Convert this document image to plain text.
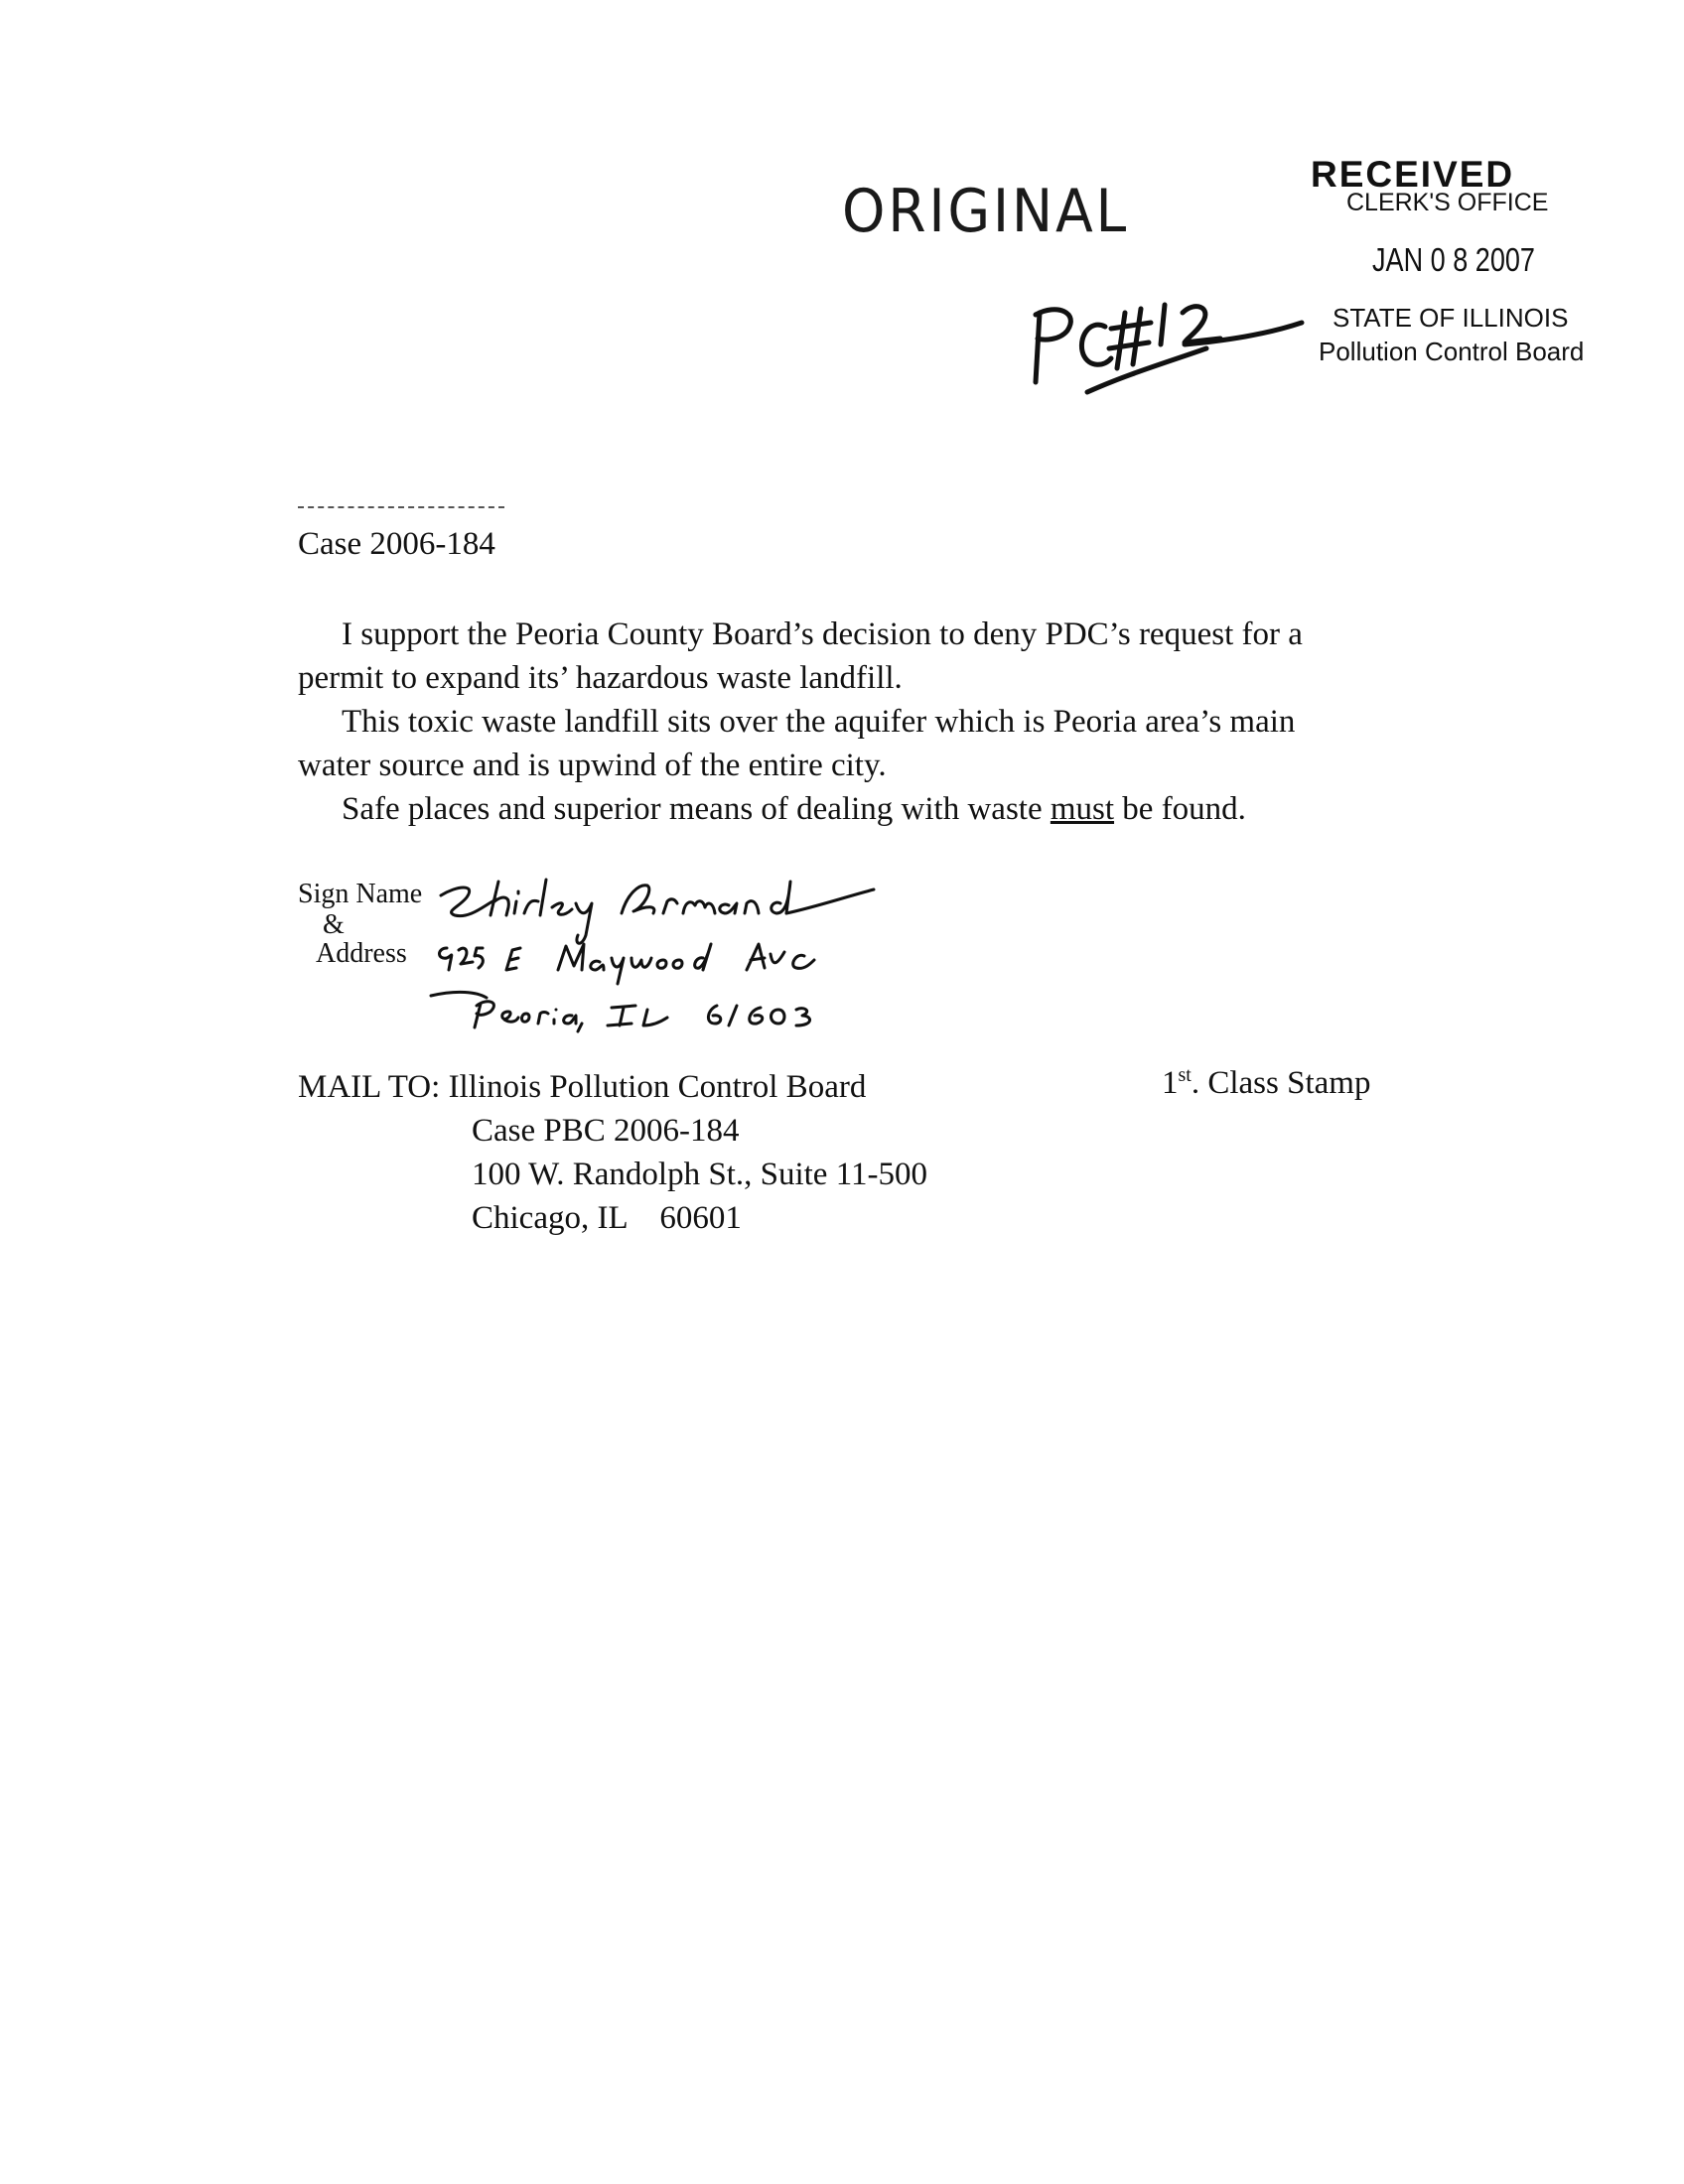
ORIGINAL
RECEIVED
CLERK'S OFFICE
JAN 0 8 2007
STATE OF ILLINOIS
Pollution Control Board
Case 2006-184
I support the Peoria County Board’s decision to deny PDC’s request for a
permit to expand its’ hazardous waste landfill.
This toxic waste landfill sits over the aquifer which is Peoria area’s main
water source and is upwind of the entire city.
Safe places and superior means of dealing with waste must be found.
Sign Name
&
Address
MAIL TO: Illinois Pollution Control Board
Case PBC 2006-184
100 W. Randolph St., Suite 11-500
Chicago, IL    60601
1st. Class Stamp
